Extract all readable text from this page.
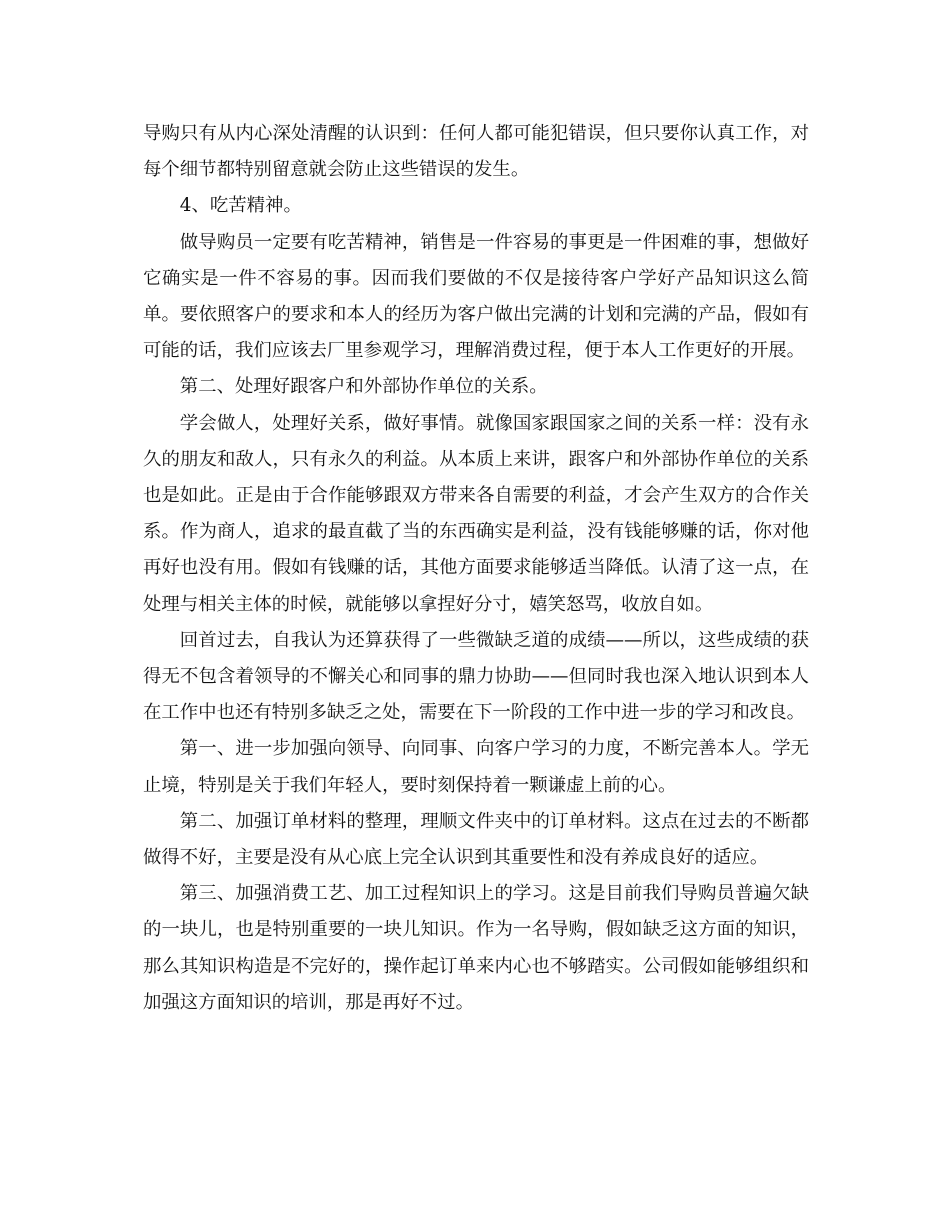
导购只有从内心深处清醒的认识到：任何人都可能犯错误，但只要你认真工作，对每个细节都特别留意就会防止这些错误的发生。

4、吃苦精神。

做导购员一定要有吃苦精神，销售是一件容易的事更是一件困难的事，想做好它确实是一件不容易的事。因而我们要做的不仅是接待客户学好产品知识这么简单。要依照客户的要求和本人的经历为客户做出完满的计划和完满的产品，假如有可能的话，我们应该去厂里参观学习，理解消费过程，便于本人工作更好的开展。

第二、处理好跟客户和外部协作单位的关系。

学会做人，处理好关系，做好事情。就像国家跟国家之间的关系一样：没有永久的朋友和敌人，只有永久的利益。从本质上来讲，跟客户和外部协作单位的关系也是如此。正是由于合作能够跟双方带来各自需要的利益，才会产生双方的合作关系。作为商人，追求的最直截了当的东西确实是利益，没有钱能够赚的话，你对他再好也没有用。假如有钱赚的话，其他方面要求能够适当降低。认清了这一点，在处理与相关主体的时候，就能够以拿捏好分寸，嬉笑怒骂，收放自如。

回首过去，自我认为还算获得了一些微缺乏道的成绩——所以，这些成绩的获得无不包含着领导的不懈关心和同事的鼎力协助——但同时我也深入地认识到本人在工作中也还有特别多缺乏之处，需要在下一阶段的工作中进一步的学习和改良。

第一、进一步加强向领导、向同事、向客户学习的力度，不断完善本人。学无止境，特别是关于我们年轻人，要时刻保持着一颗谦虚上前的心。

第二、加强订单材料的整理，理顺文件夹中的订单材料。这点在过去的不断都做得不好，主要是没有从心底上完全认识到其重要性和没有养成良好的适应。

第三、加强消费工艺、加工过程知识上的学习。这是目前我们导购员普遍欠缺的一块儿，也是特别重要的一块儿知识。作为一名导购，假如缺乏这方面的知识，那么其知识构造是不完好的，操作起订单来内心也不够踏实。公司假如能够组织和加强这方面知识的培训，那是再好不过。
